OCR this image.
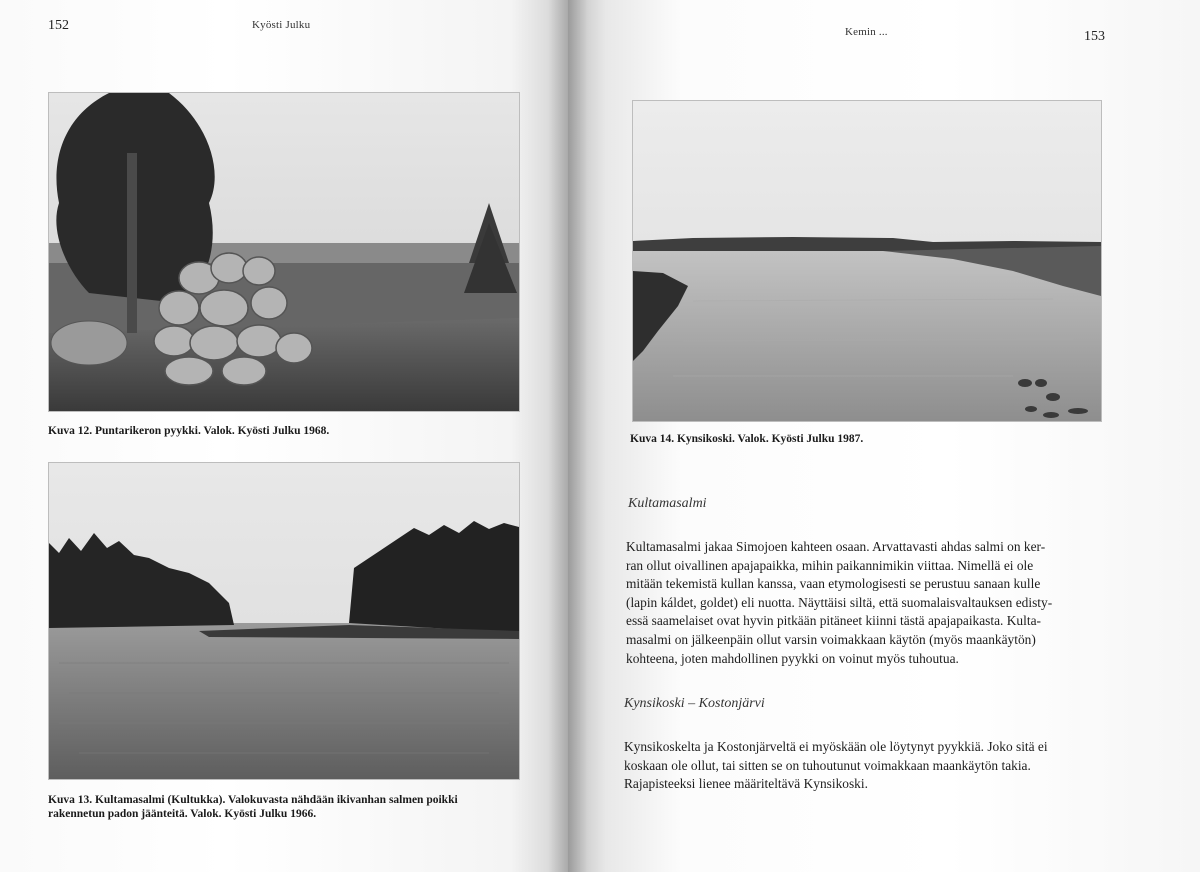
152	Kyösti Julku
Kuva 12. Puntarikeron pyykki. Valok. Kyösti Julku 1968.
Kuva 13. Kultamasalmi (Kultukka). Valokuvasta nähdään ikivanhan salmen poikki
rakennetun padon jäänteitä. Valok. Kyösti Julku 1966.
Kemin ...	153
Kuva 14. Kynsikoski. Valok. Kyösti Julku 1987.
Kultamasalmi
Kultamasalmi jakaa Simojoen kahteen osaan. Arvattavasti ahdas salmi on ker-
ran ollut oivallinen apajapaikka, mihin paikannimikin viittaa. Nimellä ei ole
mitään tekemistä kullan kanssa, vaan etymologisesti se perustuu sanaan kulle
(lapin káldet, goldet) eli nuotta. Näyttäisi siltä, että suomalaisvaltauksen edisty-
essä saamelaiset ovat hyvin pitkään pitäneet kiinni tästä apajapaikasta. Kulta-
masalmi on jälkeenpäin ollut varsin voimakkaan käytön (myös maankäytön)
kohteena, joten mahdollinen pyykki on voinut myös tuhoutua.
Kynsikoski – Kostonjärvi
Kynsikoskelta ja Kostonjärveltä ei myöskään ole löytynyt pyykkiä. Joko sitä ei
koskaan ole ollut, tai sitten se on tuhoutunut voimakkaan maankäytön takia.
Rajapisteeksi lienee määriteltävä Kynsikoski.
